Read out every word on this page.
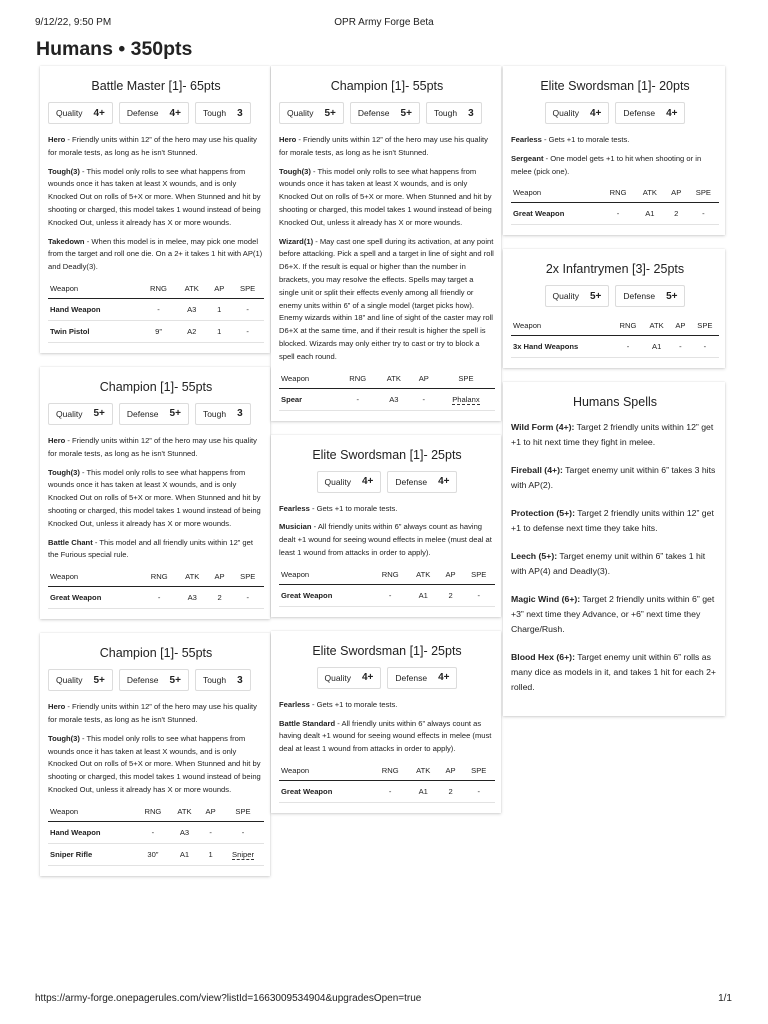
9/12/22, 9:50 PM	OPR Army Forge Beta
Humans • 350pts
Battle Master [1]- 65pts
Quality 4+	Defense 4+	Tough 3

Hero - Friendly units within 12” of the hero may use his quality for morale tests, as long as he isn't Stunned.

Tough(3) - This model only rolls to see what happens from wounds once it has taken at least X wounds, and is only Knocked Out on rolls of 5+X or more. When Stunned and hit by shooting or charged, this model takes 1 wound instead of being Knocked Out, unless it already has X or more wounds.

Takedown - When this model is in melee, may pick one model from the target and roll one die. On a 2+ it takes 1 hit with AP(1) and Deadly(3).

Weapon	RNG	ATK	AP	SPE
Hand Weapon	-	A3	1	-
Twin Pistol	9”	A2	1	-
Champion [1]- 55pts
Quality 5+	Defense 5+	Tough 3

Hero - Friendly units within 12” of the hero may use his quality for morale tests, as long as he isn't Stunned.

Tough(3) - This model only rolls to see what happens from wounds once it has taken at least X wounds, and is only Knocked Out on rolls of 5+X or more. When Stunned and hit by shooting or charged, this model takes 1 wound instead of being Knocked Out, unless it already has X or more wounds.

Battle Chant - This model and all friendly units within 12” get the Furious special rule.

Weapon	RNG	ATK	AP	SPE
Great Weapon	-	A3	2	-
Champion [1]- 55pts
Quality 5+	Defense 5+	Tough 3

Hero - Friendly units within 12” of the hero may use his quality for morale tests, as long as he isn't Stunned.

Tough(3) - This model only rolls to see what happens from wounds once it has taken at least X wounds, and is only Knocked Out on rolls of 5+X or more. When Stunned and hit by shooting or charged, this model takes 1 wound instead of being Knocked Out, unless it already has X or more wounds.

Weapon	RNG	ATK	AP	SPE
Hand Weapon	-	A3	-	-
Sniper Rifle	30”	A1	1	Sniper
Champion [1]- 55pts
Quality 5+	Defense 5+	Tough 3

Hero - Friendly units within 12” of the hero may use his quality for morale tests, as long as he isn't Stunned.

Tough(3) - This model only rolls to see what happens from wounds once it has taken at least X wounds, and is only Knocked Out on rolls of 5+X or more. When Stunned and hit by shooting or charged, this model takes 1 wound instead of being Knocked Out, unless it already has X or more wounds.

Wizard(1) - May cast one spell during its activation, at any point before attacking. Pick a spell and a target in line of sight and roll D6+X. If the result is equal or higher than the number in brackets, you may resolve the effects. Spells may target a single unit or split their effects evenly among all friendly or enemy units within 6” of a single model (target picks how). Enemy wizards within 18” and line of sight of the caster may roll D6+X at the same time, and if their result is higher the spell is blocked. Wizards may only either try to cast or try to block a spell each round.

Weapon	RNG	ATK	AP	SPE
Spear	-	A3	-	Phalanx
Elite Swordsman [1]- 25pts
Quality 4+	Defense 4+

Fearless - Gets +1 to morale tests.

Musician - All friendly units within 6” always count as having dealt +1 wound for seeing wound effects in melee (must deal at least 1 wound from attacks in order to apply).

Weapon	RNG	ATK	AP	SPE
Great Weapon	-	A1	2	-
Elite Swordsman [1]- 25pts
Quality 4+	Defense 4+

Fearless - Gets +1 to morale tests.

Battle Standard - All friendly units within 6” always count as having dealt +1 wound for seeing wound effects in melee (must deal at least 1 wound from attacks in order to apply).

Weapon	RNG	ATK	AP	SPE
Great Weapon	-	A1	2	-
Elite Swordsman [1]- 20pts
Quality 4+	Defense 4+

Fearless - Gets +1 to morale tests.

Sergeant - One model gets +1 to hit when shooting or in melee (pick one).

Weapon	RNG	ATK	AP	SPE
Great Weapon	-	A1	2	-
2x Infantrymen [3]- 25pts
Quality 5+	Defense 5+
Weapon	RNG	ATK	AP	SPE
3x Hand Weapons	-	A1	-	-
Humans Spells

Wild Form (4+): Target 2 friendly units within 12” get +1 to hit next time they fight in melee.

Fireball (4+): Target enemy unit within 6” takes 3 hits with AP(2).

Protection (5+): Target 2 friendly units within 12” get +1 to defense next time they take hits.

Leech (5+): Target enemy unit within 6” takes 1 hit with AP(4) and Deadly(3).

Magic Wind (6+): Target 2 friendly units within 6” get +3” next time they Advance, or +6” next time they Charge/Rush.

Blood Hex (6+): Target enemy unit within 6” rolls as many dice as models in it, and takes 1 hit for each 2+ rolled.

https://army-forge.onepagerules.com/view?listId=1663009534904&upgradesOpen=true	1/1
